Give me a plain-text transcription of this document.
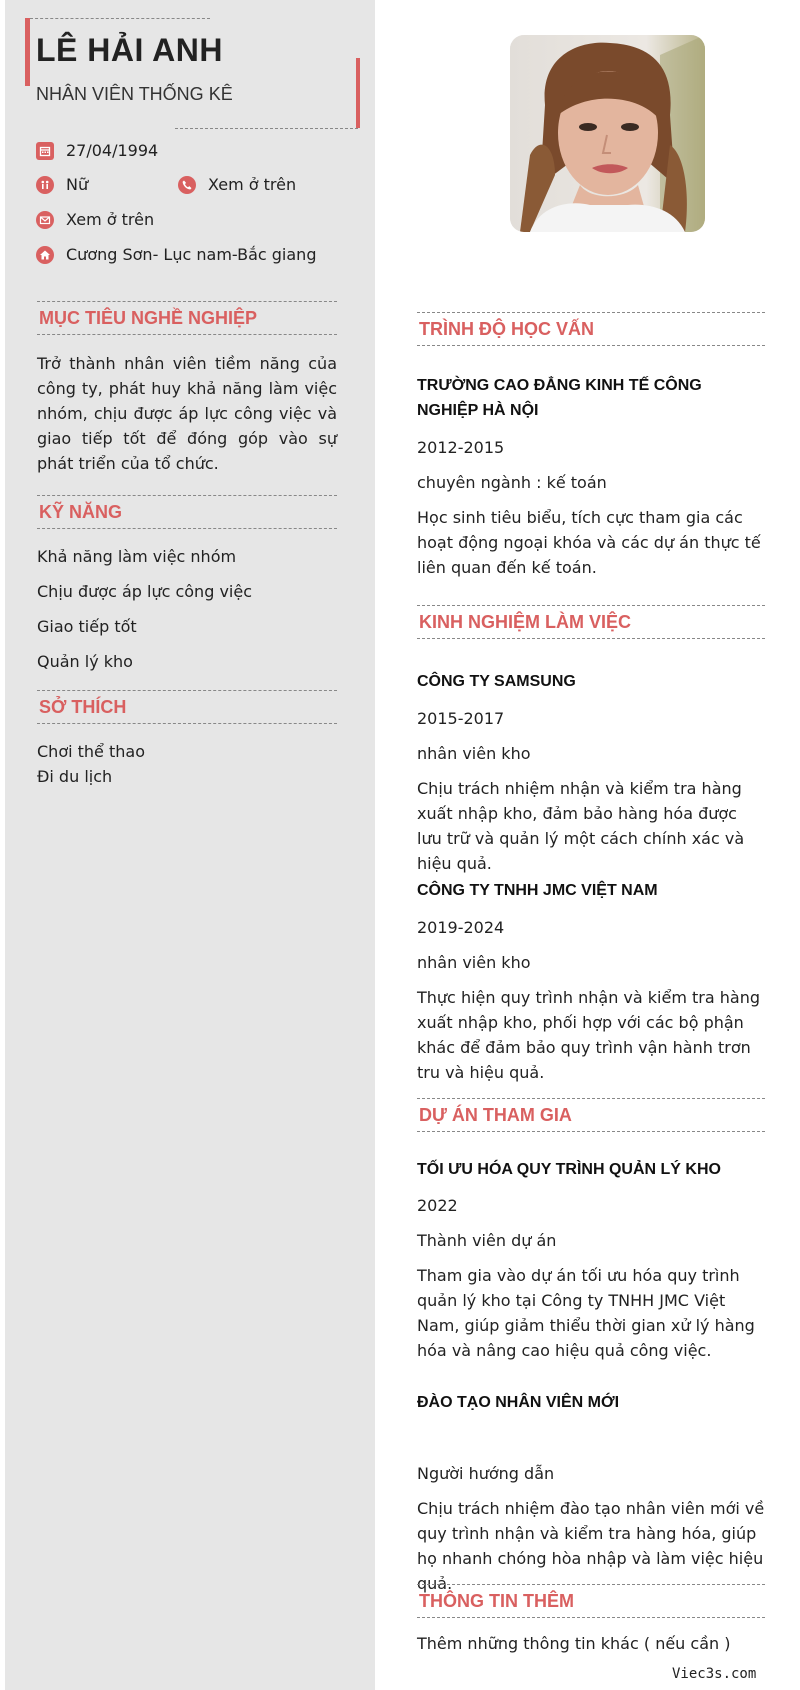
LÊ HẢI ANH
NHÂN VIÊN THỐNG KÊ
27/04/1994
Nữ	Xem ở trên
Xem ở trên
Cương Sơn- Lục nam-Bắc giang
MỤC TIÊU NGHỀ NGHIỆP
Trở thành nhân viên tiềm năng của công ty, phát huy khả năng làm việc nhóm, chịu được áp lực công việc và giao tiếp tốt để đóng góp vào sự phát triển của tổ chức.
KỸ NĂNG
Khả năng làm việc nhóm
Chịu được áp lực công việc
Giao tiếp tốt
Quản lý kho
SỞ THÍCH
Chơi thể thao
Đi du lịch
TRÌNH ĐỘ HỌC VẤN
TRƯỜNG CAO ĐẲNG KINH TẾ CÔNG NGHIỆP HÀ NỘI
2012-2015
chuyên ngành : kế toán
Học sinh tiêu biểu, tích cực tham gia các hoạt động ngoại khóa và các dự án thực tế liên quan đến kế toán.
KINH NGHIỆM LÀM VIỆC
CÔNG TY SAMSUNG
2015-2017
nhân viên kho
Chịu trách nhiệm nhận và kiểm tra hàng xuất nhập kho, đảm bảo hàng hóa được lưu trữ và quản lý một cách chính xác và hiệu quả.
CÔNG TY TNHH JMC VIỆT NAM
2019-2024
nhân viên kho
Thực hiện quy trình nhận và kiểm tra hàng xuất nhập kho, phối hợp với các bộ phận khác để đảm bảo quy trình vận hành trơn tru và hiệu quả.
DỰ ÁN THAM GIA
TỐI ƯU HÓA QUY TRÌNH QUẢN LÝ KHO
2022
Thành viên dự án
Tham gia vào dự án tối ưu hóa quy trình quản lý kho tại Công ty TNHH JMC Việt Nam, giúp giảm thiểu thời gian xử lý hàng hóa và nâng cao hiệu quả công việc.
ĐÀO TẠO NHÂN VIÊN MỚI
Người hướng dẫn
Chịu trách nhiệm đào tạo nhân viên mới về quy trình nhận và kiểm tra hàng hóa, giúp họ nhanh chóng hòa nhập và làm việc hiệu quả.
THÔNG TIN THÊM
Thêm những thông tin khác ( nếu cần )
Viec3s.com
